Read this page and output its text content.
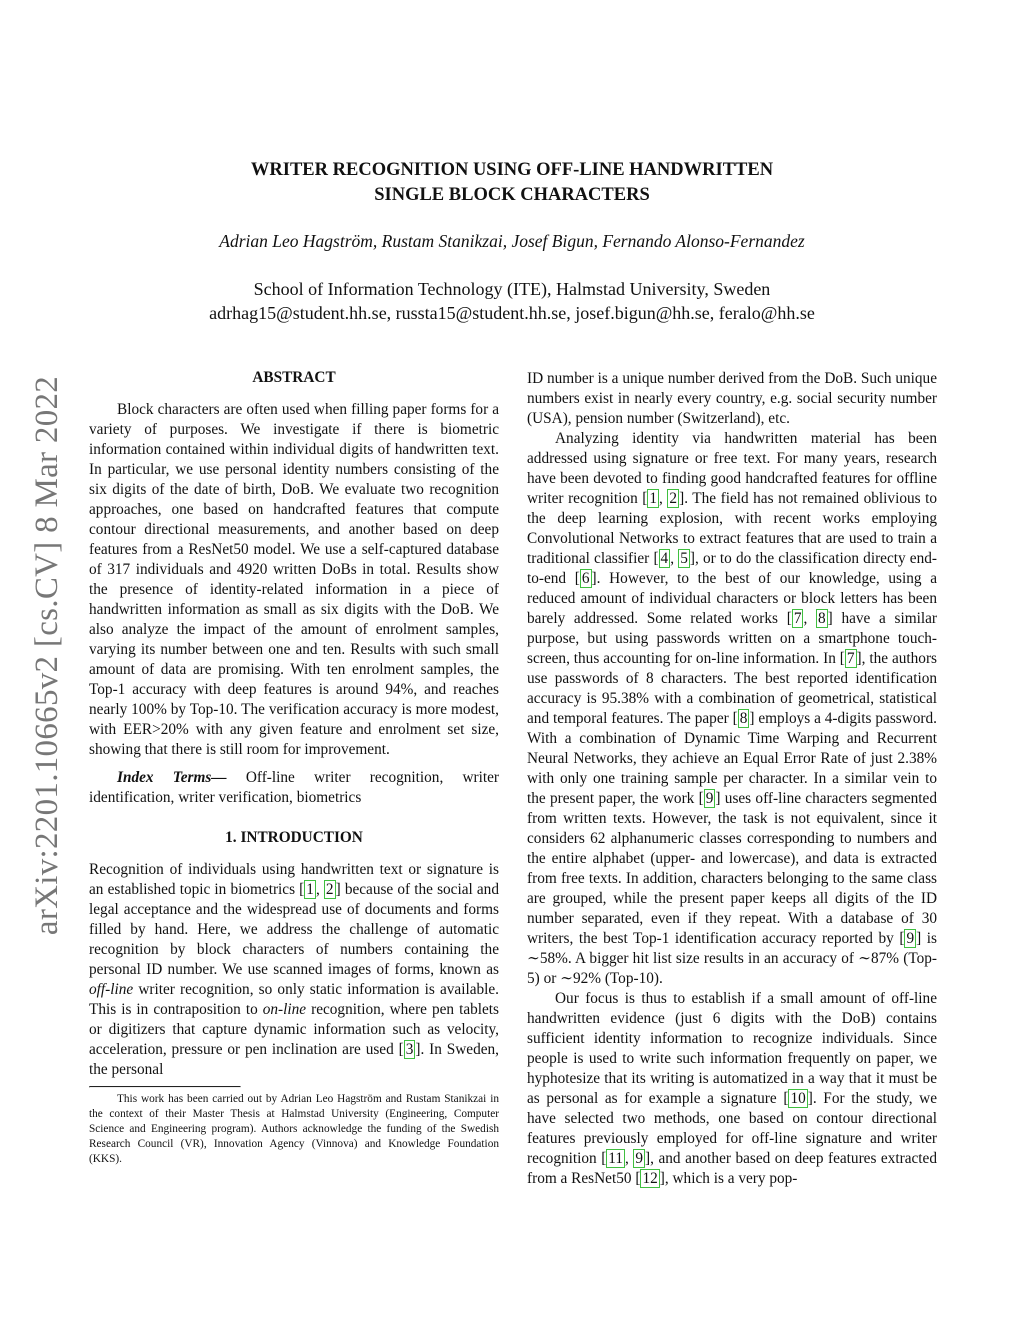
arXiv:2201.10665v2 [cs.CV] 8 Mar 2022
WRITER RECOGNITION USING OFF-LINE HANDWRITTEN
SINGLE BLOCK CHARACTERS
Adrian Leo Hagström, Rustam Stanikzai, Josef Bigun, Fernando Alonso-Fernandez
School of Information Technology (ITE), Halmstad University, Sweden
adrhag15@student.hh.se, russta15@student.hh.se, josef.bigun@hh.se, feralo@hh.se

ABSTRACT

Block characters are often used when filling paper forms for a variety of purposes. We investigate if there is biometric information contained within individual digits of handwritten text. In particular, we use personal identity numbers consisting of the six digits of the date of birth, DoB. We evaluate two recognition approaches, one based on handcrafted features that compute contour directional measurements, and another based on deep features from a ResNet50 model. We use a self-captured database of 317 individuals and 4920 written DoBs in total. Results show the presence of identity-related information in a piece of handwritten information as small as six digits with the DoB. We also analyze the impact of the amount of enrolment samples, varying its number between one and ten. Results with such small amount of data are promising. With ten enrolment samples, the Top-1 accuracy with deep features is around 94%, and reaches nearly 100% by Top-10. The verification accuracy is more modest, with EER>20% with any given feature and enrolment set size, showing that there is still room for improvement.

Index Terms— Off-line writer recognition, writer identification, writer verification, biometrics

1. INTRODUCTION

Recognition of individuals using handwritten text or signature is an established topic in biometrics [ 1 , 2 ] because of the social and legal acceptance and the widespread use of documents and forms filled by hand. Here, we address the challenge of automatic recognition by block characters of numbers containing the personal ID number. We use scanned images of forms, known as off-line writer recognition, so only static information is available. This is in contraposition to on-line recognition, where pen tablets or digitizers that capture dynamic information such as velocity, acceleration, pressure or pen inclination are used [ 3 ]. In Sweden, the personal

This work has been carried out by Adrian Leo Hagström and Rustam Stanikzai in the context of their Master Thesis at Halmstad University (Engineering, Computer Science and Engineering program). Authors acknowledge the funding of the Swedish Research Council (VR), Innovation Agency (Vinnova) and Knowledge Foundation (KKS).

ID number is a unique number derived from the DoB. Such unique numbers exist in nearly every country, e.g. social security number (USA), pension number (Switzerland), etc.

Analyzing identity via handwritten material has been addressed using signature or free text. For many years, research have been devoted to finding good handcrafted features for offline writer recognition [ 1 , 2 ]. The field has not remained oblivious to the deep learning explosion, with recent works employing Convolutional Networks to extract features that are used to train a traditional classifier [ 4 , 5 ], or to do the classification directy end-to-end [ 6 ]. However, to the best of our knowledge, using a reduced amount of individual characters or block letters has been barely addressed. Some related works [ 7 , 8 ] have a similar purpose, but using passwords written on a smartphone touch-screen, thus accounting for on-line information. In [ 7 ], the authors use passwords of 8 characters. The best reported identification accuracy is 95.38% with a combination of geometrical, statistical and temporal features. The paper [ 8 ] employs a 4-digits password. With a combination of Dynamic Time Warping and Recurrent Neural Networks, they achieve an Equal Error Rate of just 2.38% with only one training sample per character. In a similar vein to the present paper, the work [ 9 ] uses off-line characters segmented from written texts. However, the task is not equivalent, since it considers 62 alphanumeric classes corresponding to numbers and the entire alphabet (upper- and lowercase), and data is extracted from free texts. In addition, characters belonging to the same class are grouped, while the present paper keeps all digits of the ID number separated, even if they repeat. With a database of 30 writers, the best Top-1 identification accuracy reported by [ 9 ] is ∼58%. A bigger hit list size results in an accuracy of ∼87% (Top-5) or ∼92% (Top-10).

Our focus is thus to establish if a small amount of off-line handwritten evidence (just 6 digits with the DoB) contains sufficient identity information to recognize individuals. Since people is used to write such information frequently on paper, we hyphotesize that its writing is automatized in a way that it must be as personal as for example a signature [ 10 ]. For the study, we have selected two methods, one based on contour directional features previously employed for off-line signature and writer recognition [ 11 , 9 ], and another based on deep features extracted from a ResNet50 [ 12 ], which is a very pop-
